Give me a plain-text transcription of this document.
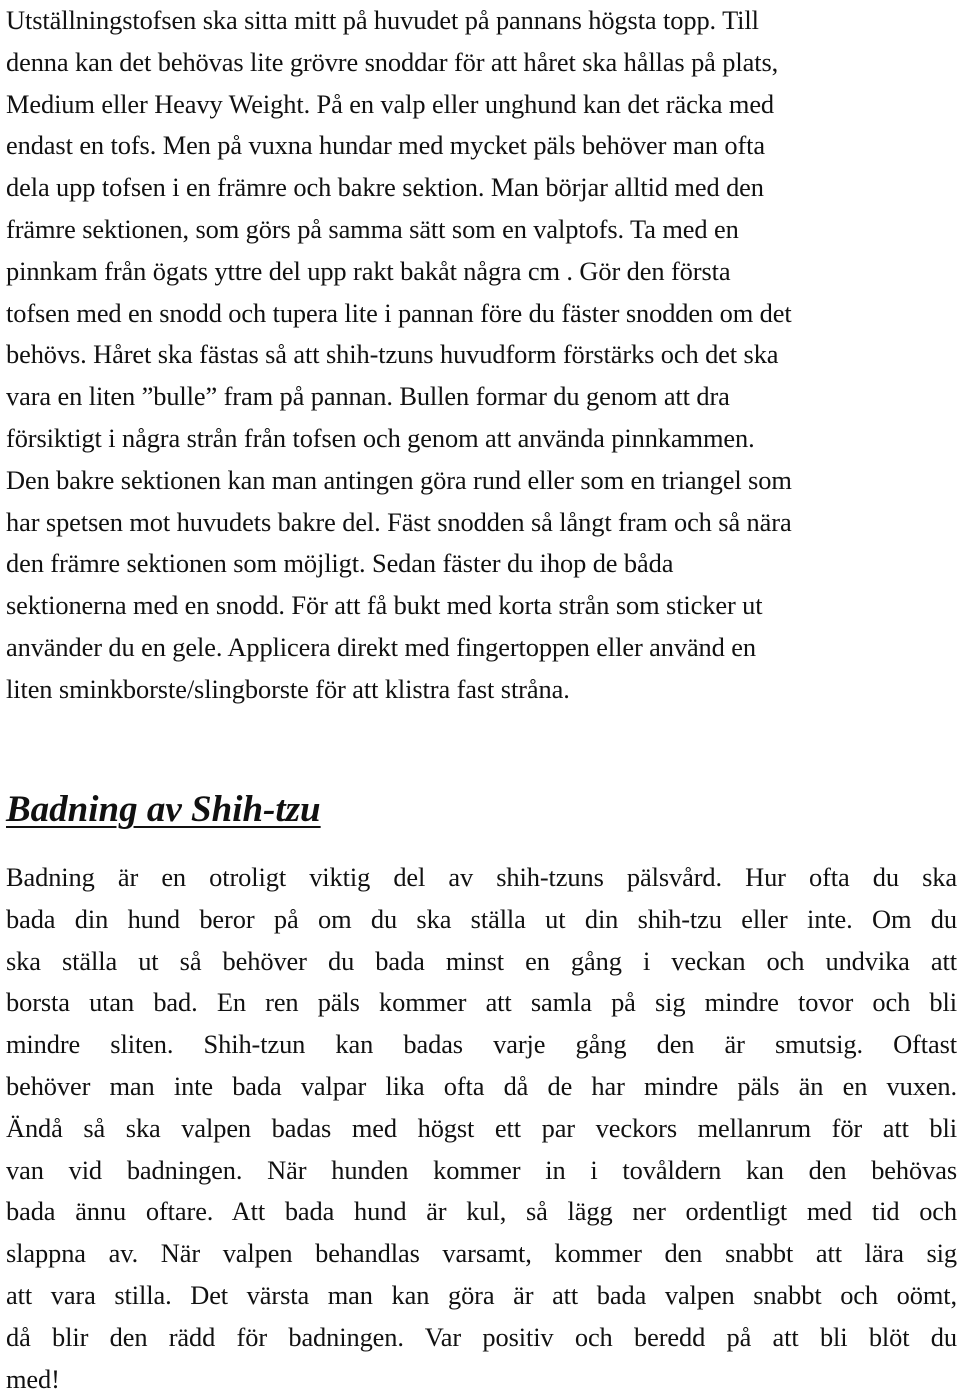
Utställningstofsen ska sitta mitt på huvudet på pannans högsta topp. Till
denna kan det behövas lite grövre snoddar för att håret ska hållas på plats,
Medium eller Heavy Weight. På en valp eller unghund kan det räcka med
endast en tofs. Men på vuxna hundar med mycket päls behöver man ofta
dela upp tofsen i en främre och bakre sektion. Man börjar alltid med den
främre sektionen, som görs på samma sätt som en valptofs. Ta med en
pinnkam från ögats yttre del upp rakt bakåt några cm . Gör den första
tofsen med en snodd och tupera lite i pannan före du fäster snodden om det
behövs. Håret ska fästas så att shih-tzuns huvudform förstärks och det ska
vara en liten ”bulle” fram på pannan. Bullen formar du genom att dra
försiktigt i några strån från tofsen och genom att använda pinnkammen.
Den bakre sektionen kan man antingen göra rund eller som en triangel som
har spetsen mot huvudets bakre del. Fäst snodden så långt fram och så nära
den främre sektionen som möjligt. Sedan fäster du ihop de båda
sektionerna med en snodd. För att få bukt med korta strån som sticker ut
använder du en gele. Applicera direkt med fingertoppen eller använd en
liten sminkborste/slingborste för att klistra fast stråna.

Badning av Shih-tzu

Badning är en otroligt viktig del av shih-tzuns pälsvård. Hur ofta du ska
bada din hund beror på om du ska ställa ut din shih-tzu eller inte. Om du
ska ställa ut så behöver du bada minst en gång i veckan och undvika att
borsta utan bad. En ren päls kommer att samla på sig mindre tovor och bli
mindre sliten. Shih-tzun kan badas varje gång den är smutsig. Oftast
behöver man inte bada valpar lika ofta då de har mindre päls än en vuxen.
Ändå så ska valpen badas med högst ett par veckors mellanrum för att bli
van vid badningen. När hunden kommer in i tovåldern kan den behövas
bada ännu oftare. Att bada hund är kul, så lägg ner ordentligt med tid och
slappna av. När valpen behandlas varsamt, kommer den snabbt att lära sig
att vara stilla. Det värsta man kan göra är att bada valpen snabbt och oömt,
då blir den rädd för badningen. Var positiv och beredd på att bli blöt du
med!
